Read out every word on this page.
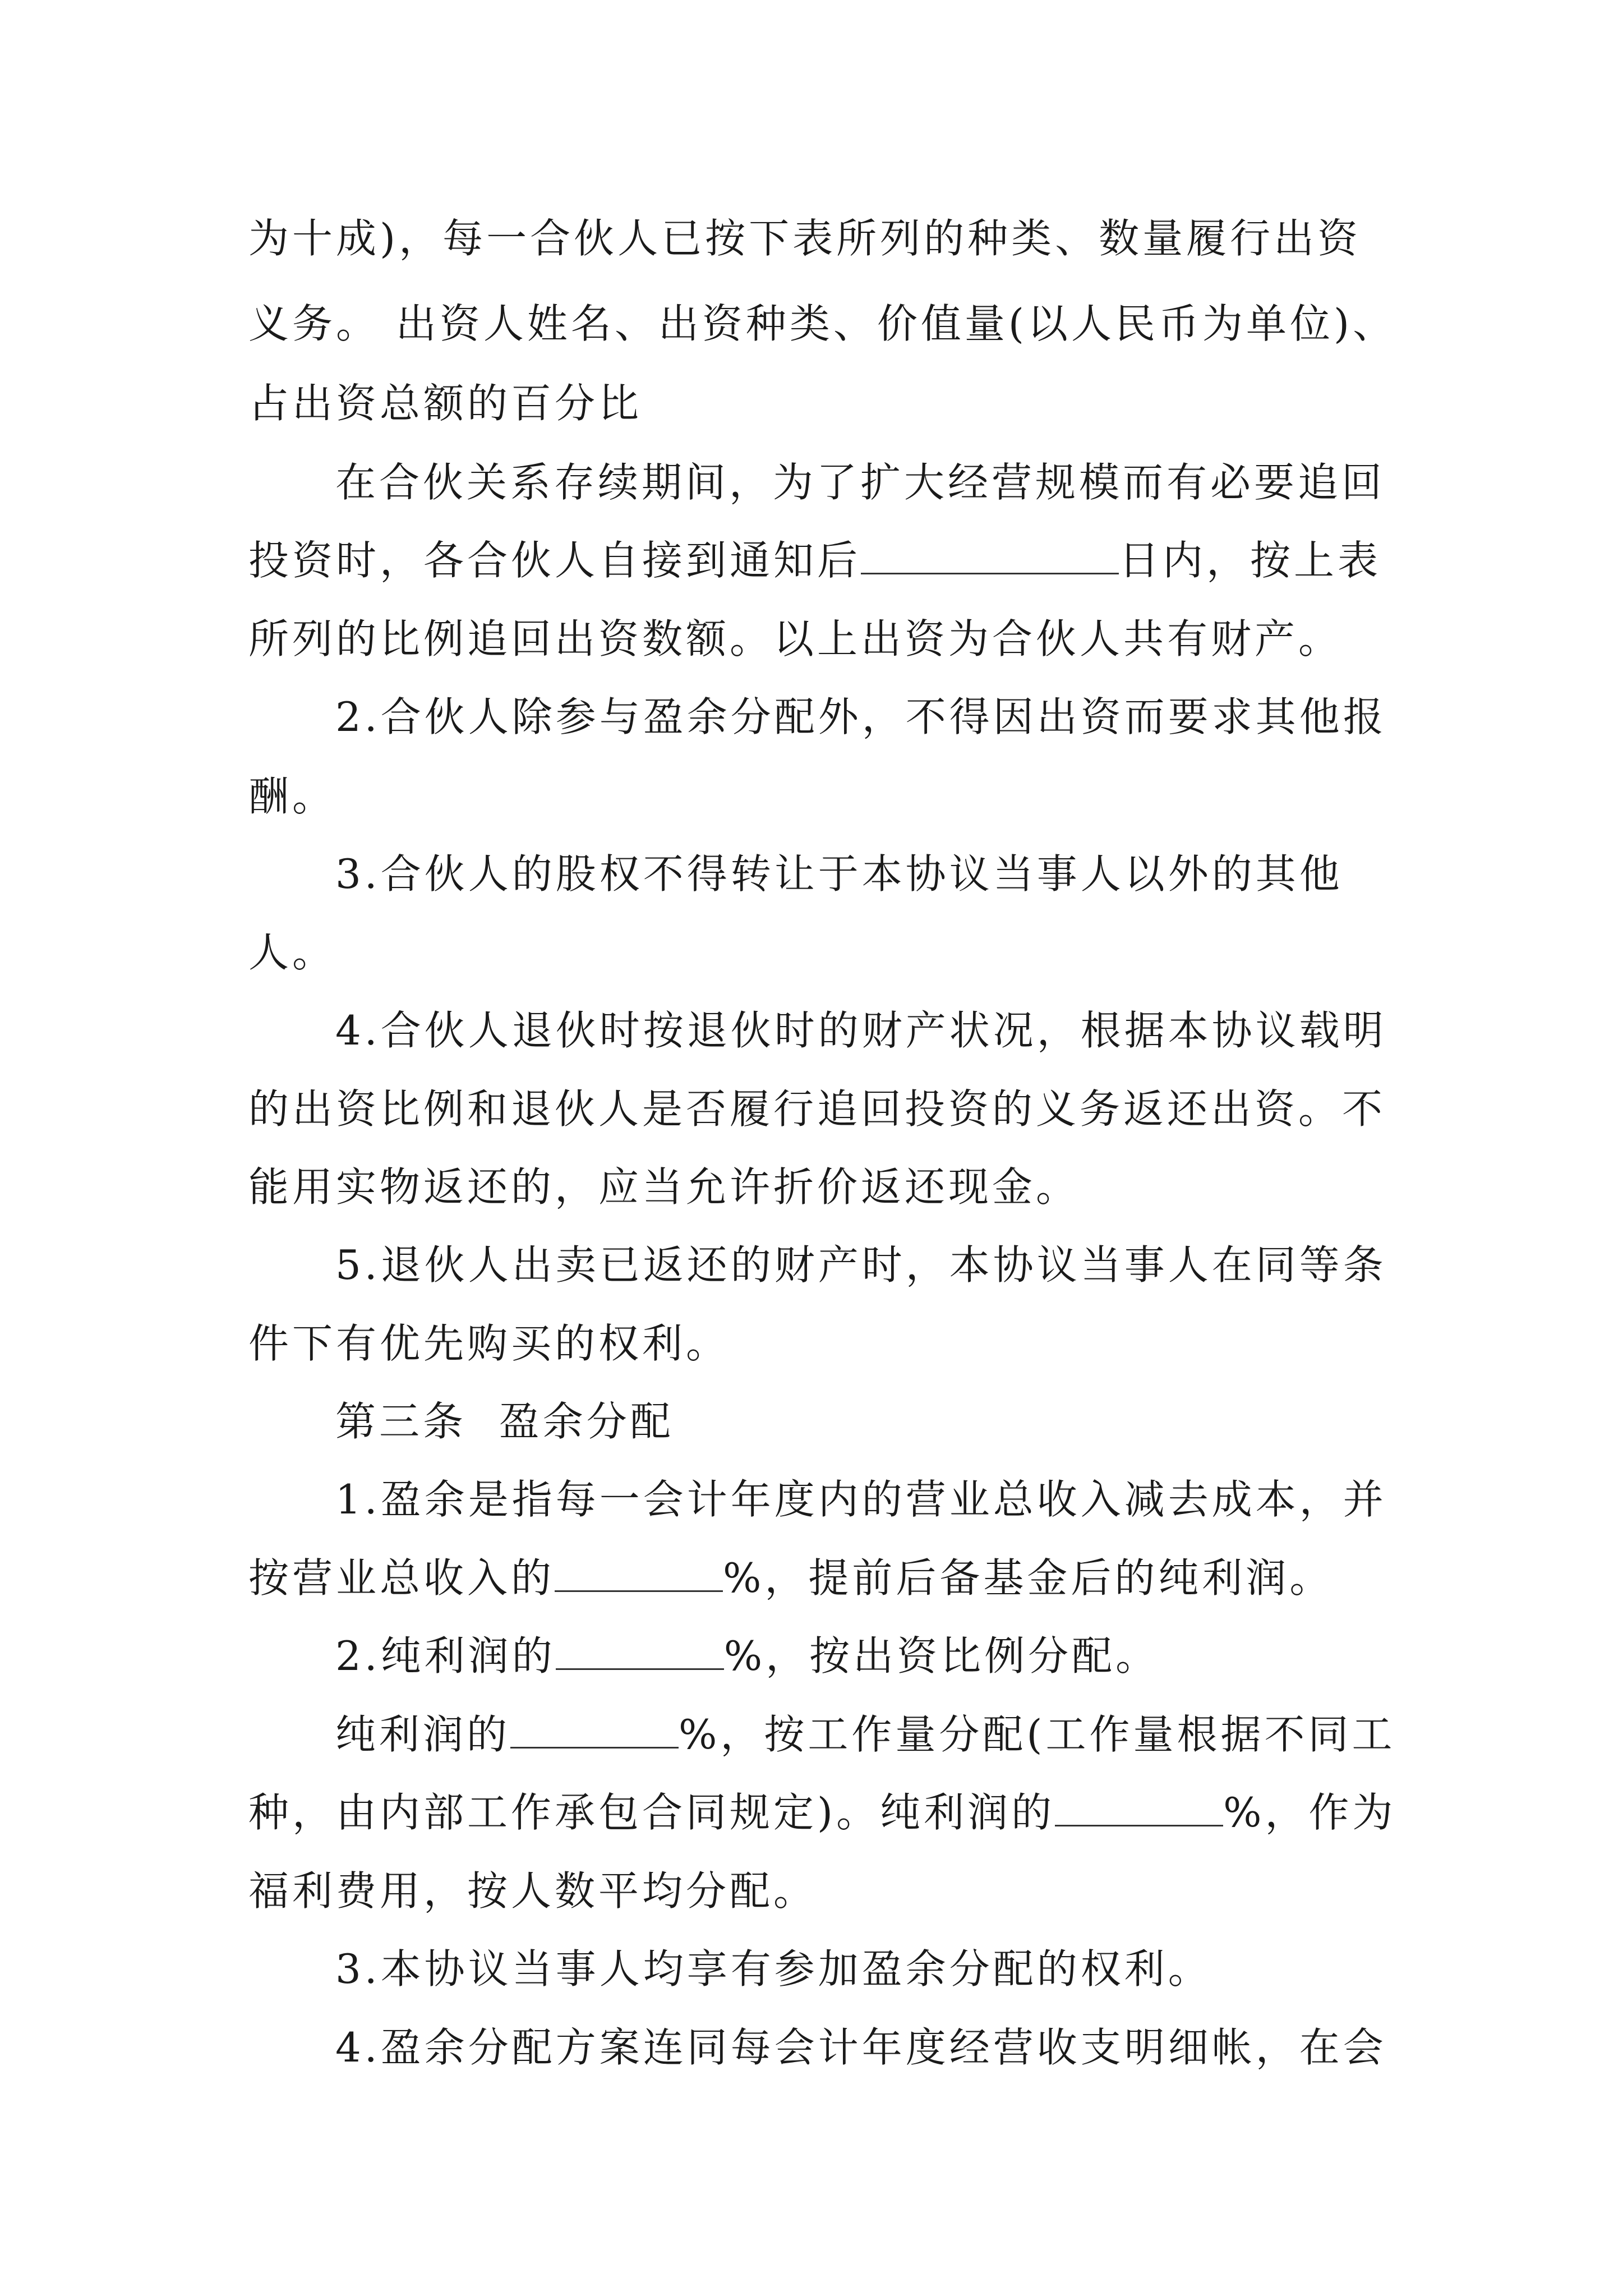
为十成)，每一合伙人已按下表所列的种类、数量履行出资
义务。 出资人姓名、出资种类、价值量(以人民币为单位)、
占出资总额的百分比
在合伙关系存续期间，为了扩大经营规模而有必要追回
投资时，各合伙人自接到通知后	日内，按上表
所列的比例追回出资数额。以上出资为合伙人共有财产。
2.合伙人除参与盈余分配外，不得因出资而要求其他报
酬。
3.合伙人的股权不得转让于本协议当事人以外的其他
人。
4.合伙人退伙时按退伙时的财产状况，根据本协议载明
的出资比例和退伙人是否履行追回投资的义务返还出资。不
能用实物返还的，应当允许折价返还现金。
5.退伙人出卖已返还的财产时，本协议当事人在同等条
件下有优先购买的权利。
第三条  盈余分配
1.盈余是指每一会计年度内的营业总收入减去成本，并
按营业总收入的	%，提前后备基金后的纯利润。
2.纯利润的	%，按出资比例分配。
纯利润的	%，按工作量分配(工作量根据不同工
种，由内部工作承包合同规定)。纯利润的	%，作为
福利费用，按人数平均分配。
3.本协议当事人均享有参加盈余分配的权利。
4.盈余分配方案连同每会计年度经营收支明细帐，在会
